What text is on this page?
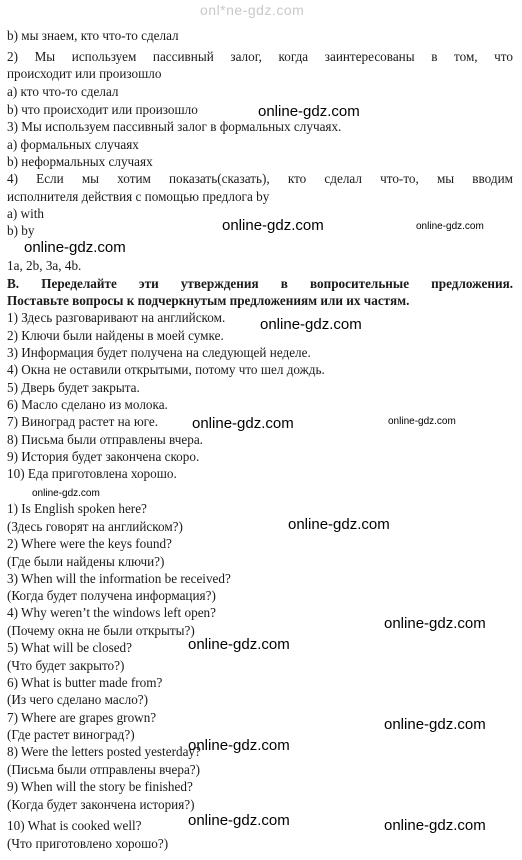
onl*ne-gdz.com
b) мы знаем, кто что-то сделал
2) Мы используем пассивный залог, когда заинтересованы в том, что
происходит или произошло
a) кто что-то сделал
b) что происходит или произошло
3) Мы используем пассивный залог в формальных случаях.
a) формальных случаях
b) неформальных случаях
4) Если мы хотим показать(сказать), кто сделал что-то, мы вводим
исполнителя действия с помощью предлога by
a) with
b) by
1a, 2b, 3a, 4b.
B. Переделайте эти утверждения в вопросительные предложения.
Поставьте вопросы к подчеркнутым предложениям или их частям.
1) Здесь разговаривают на английском.
2) Ключи были найдены в моей сумке.
3) Информация будет получена на следующей неделе.
4) Окна не оставили открытыми, потому что шел дождь.
5) Дверь будет закрыта.
6) Масло сделано из молока.
7) Виноград растет на юге.
8) Письма были отправлены вчера.
9) История будет закончена скоро.
10) Еда приготовлена хорошо.
1) Is English spoken here?
(Здесь говорят на английском?)
2) Where were the keys found?
(Где были найдены ключи?)
3) When will the information be received?
(Когда будет получена информация?)
4) Why weren’t the windows left open?
(Почему окна не были открыты?)
5) What will be closed?
(Что будет закрыто?)
6) What is butter made from?
(Из чего сделано масло?)
7) Where are grapes grown?
(Где растет виноград?)
8) Were the letters posted yesterday?
(Письма были отправлены вчера?)
9) When will the story be finished?
(Когда будет закончена история?)
10) What is cooked well?
(Что приготовлено хорошо?)
online-gdz.com
online-gdz.com	online-gdz.com
online-gdz.com
online-gdz.com
online-gdz.com	online-gdz.com
online-gdz.com
online-gdz.com
online-gdz.com
online-gdz.com
online-gdz.com
online-gdz.com
online-gdz.com	online-gdz.com
